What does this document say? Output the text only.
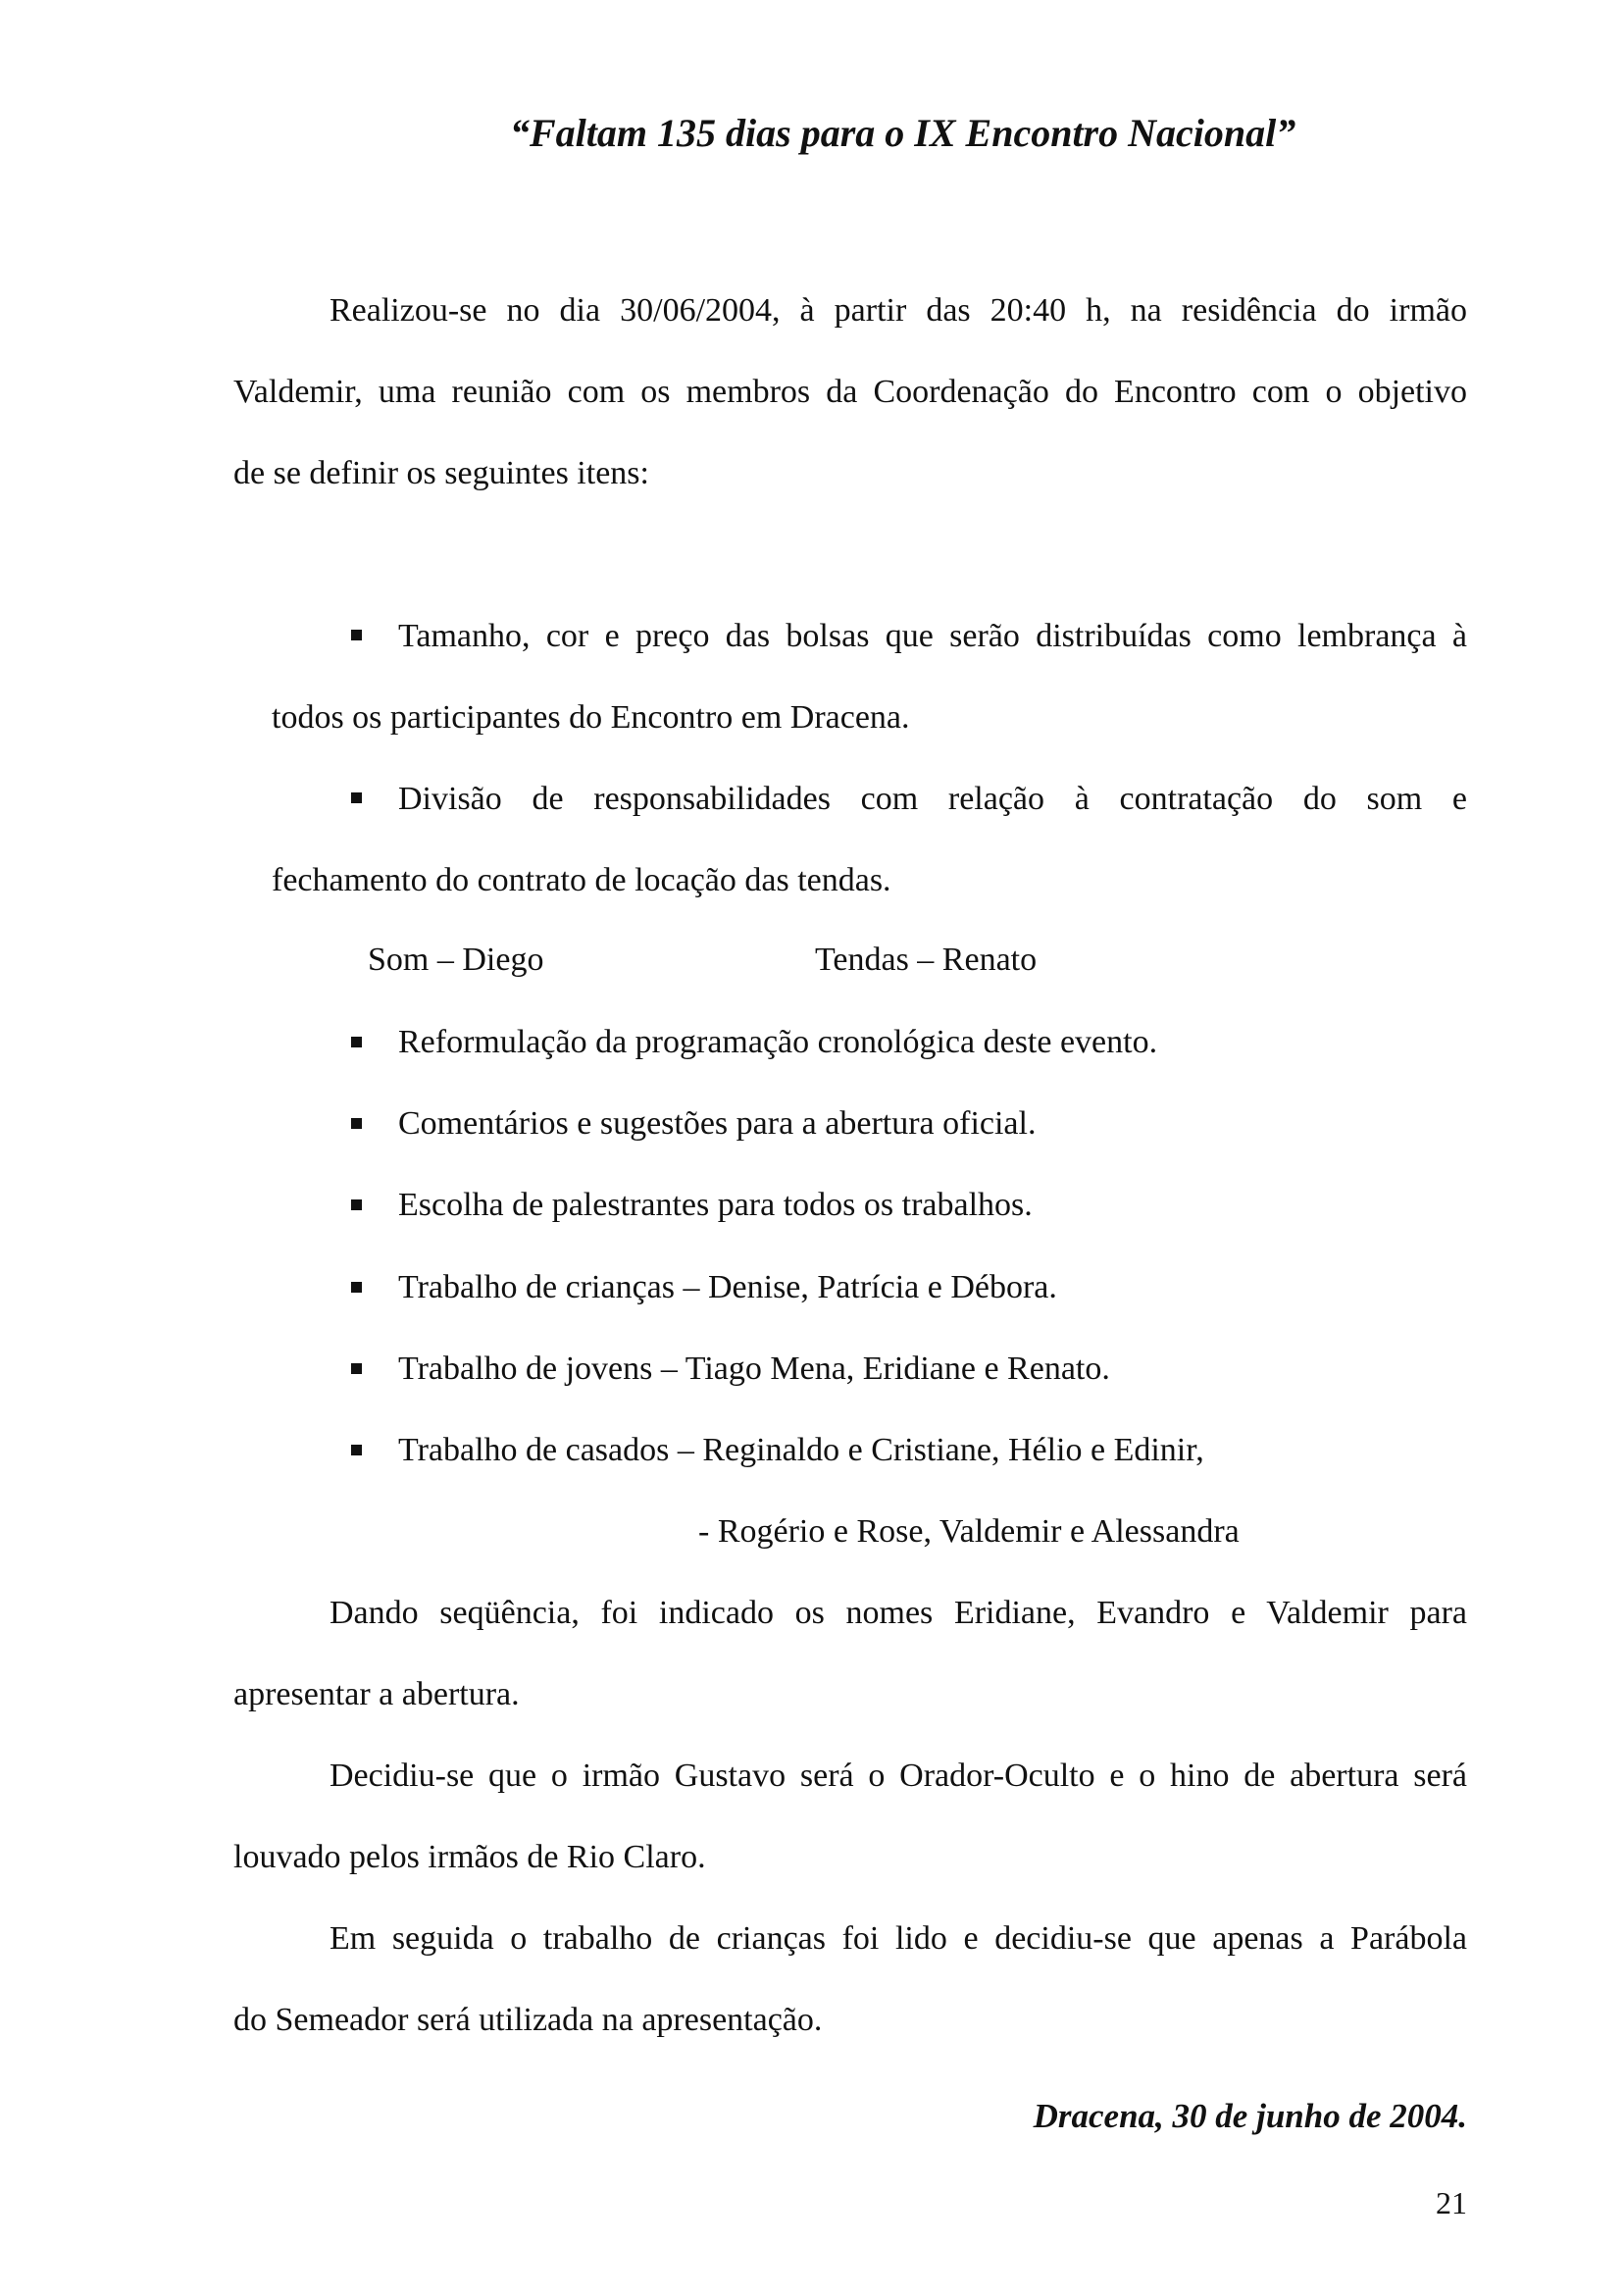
“Faltam 135 dias para o IX Encontro Nacional”
Realizou-se no dia 30/06/2004, à partir das 20:40 h, na residência do irmão
Valdemir, uma reunião com os membros da Coordenação do Encontro com o objetivo
de se definir os seguintes itens:
Tamanho, cor e preço das bolsas que serão distribuídas como lembrança à
todos os participantes do Encontro em Dracena.
Divisão de responsabilidades com relação à contratação do som e
fechamento do contrato de locação das tendas.
Som – Diego	Tendas – Renato
Reformulação da programação cronológica deste evento.
Comentários e sugestões para a abertura oficial.
Escolha de palestrantes para todos os trabalhos.
Trabalho de crianças – Denise, Patrícia e Débora.
Trabalho de jovens – Tiago Mena, Eridiane e Renato.
Trabalho de casados – Reginaldo e Cristiane, Hélio e Edinir,
- Rogério e Rose, Valdemir e Alessandra
Dando seqüência, foi indicado os nomes Eridiane, Evandro e Valdemir para
apresentar a abertura.
Decidiu-se que o irmão Gustavo será o Orador-Oculto e o hino de abertura será
louvado pelos irmãos de Rio Claro.
Em seguida o trabalho de crianças foi lido e decidiu-se que apenas a Parábola
do Semeador será utilizada na apresentação.
Dracena, 30 de junho de 2004.
21
